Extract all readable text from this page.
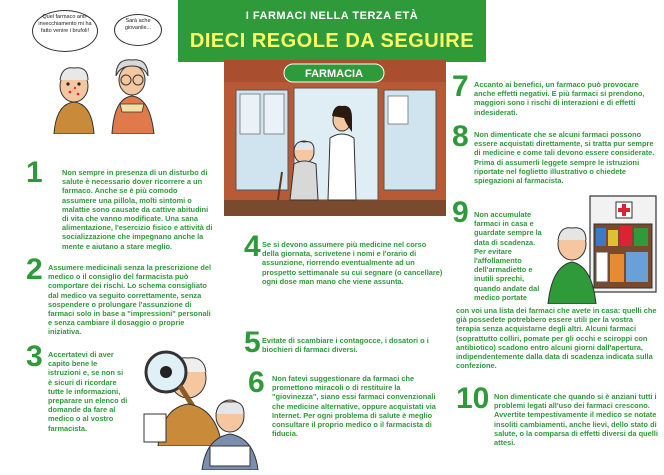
I FARMACI NELLA TERZA ETÀ
DIECI REGOLE DA SEGUIRE
Quel farmaco anti-invecchiamento mi ha fatto venire i brufoli!
Sarà ache giovanile...
FARMACIA
1	Non sempre in presenza di un disturbo di salute è necessario dover ricorrere a un farmaco. Anche se è più comodo assumere una pillola, molti sintomi o malattie sono causate da cattive abitudini di vita che vanno modificate. Una sana alimentazione, l'esercizio fisico e attività di socializzazione che impegnano anche la mente e aiutano a stare meglio.
2 Assumere medicinali senza la prescrizione del medico o il consiglio del farmacista può comportare dei rischi. Lo schema consigliato dal medico va seguito correttamente, senza sospendere o prolungare l'assunzione di farmaci solo in base a "impressioni" personali e senza cambiare il dosaggio o proprie iniziativa.
3 Accertatevi di aver capito bene le istruzioni e, se non si è sicuri di ricordare tutte le informazioni, preparare un elenco di domande da fare al medico o al vostro farmacista.
4 Se si devono assumere più medicine nel corso della giornata, scrivetene i nomi e l'orario di assunzione, riorrendo eventualmente ad un prospetto settimanale su cui segnare (o cancellare) ogni dose man mano che viene assunta.
5 Evitate di scambiare i contagocce, i dosatori o i biochieri di farmaci diversi.
6 Non fatevi suggestionare da farmaci che promettono miracoli o di restituire la "giovinezza", siano essi farmaci convenzionali che medicine alternative, oppure acquistati via Internet. Per ogni problema di salute è meglio consultare il proprio medico o il farmacista di fiducia.
7 Accanto ai benefici, un farmaco può provocare anche effetti negativi. E più farmaci si prendono, maggiori sono i rischi di interazioni e di effetti indesiderati.
8 Non dimenticate che se alcuni farmaci possono essere acquistati direttamente, si tratta pur sempre di medicine e come tali devono essere considerate. Prima di assumerli leggete sempre le istruzioni riportate nel foglietto illustrativo o chiedete spiegazioni al farmacista.
9 Non accumulate farmaci in casa e guardate sempre la data di scadenza. Per evitare l'affollamento dell'armadietto e inutili sprechi, quando andate dal medico portate
con voi una lista dei farmaci che avete in casa: quelli che già possedete potrebbero essere utili per la vostra terapia senza acquistarne degli altri. Alcuni farmaci (soprattutto colliri, pomate per gli occhi e sciroppi con antibiotico) scadono entro alcuni giorni dall'apertura, indipendentemente dalla data di scadenza indicata sulla confezione.
10 Non dimenticate che quando si è anziani tutti i problemi legati all'uso dei farmaci crescono. Avvertite tempestivamente il medico se notate insoliti cambiamenti, anche lievi, dello stato di salute, o la comparsa di effetti diversi da quelli attesi.
